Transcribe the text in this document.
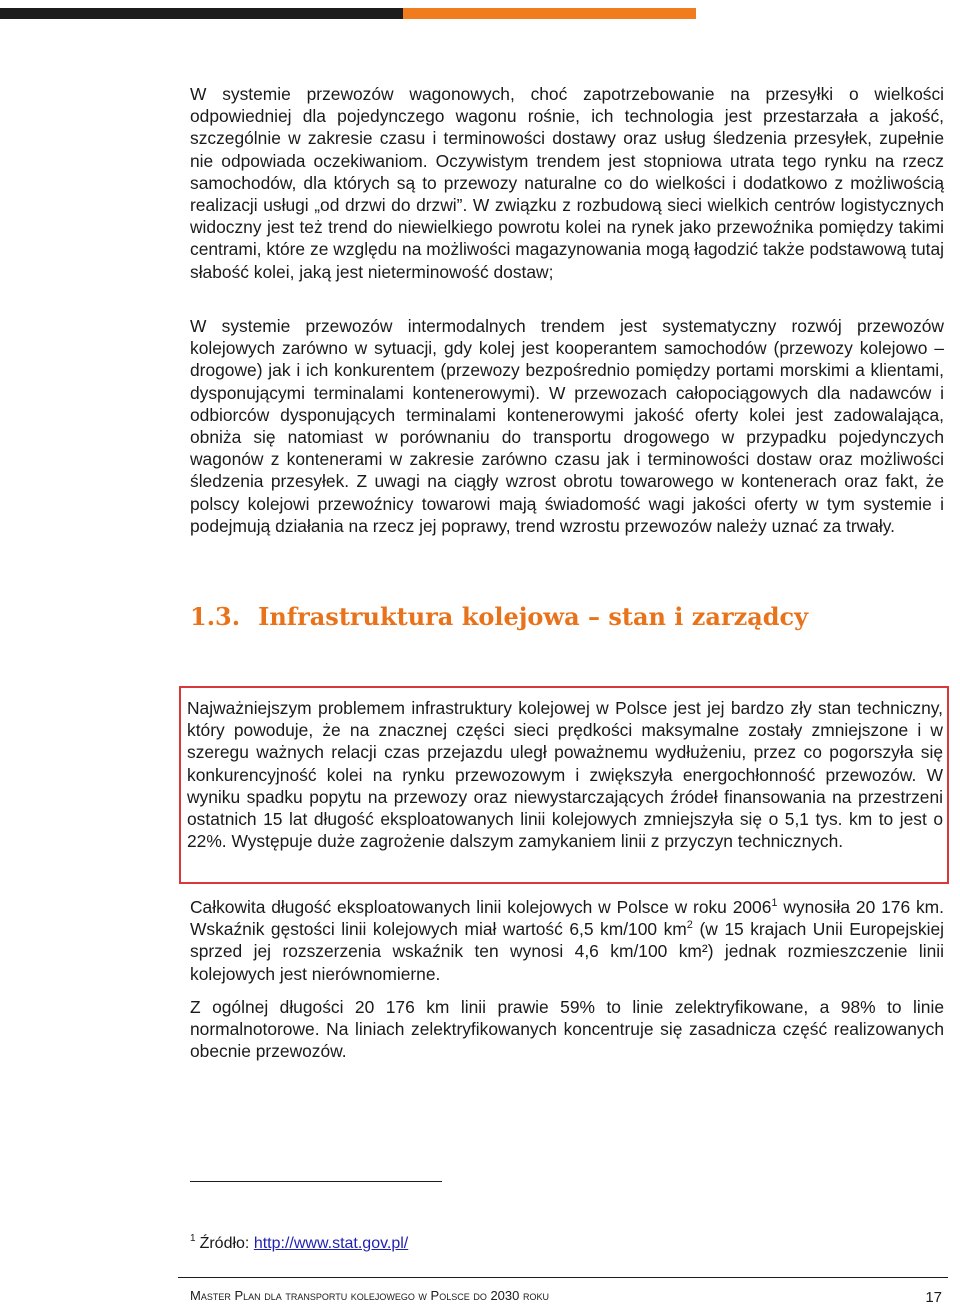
W systemie przewozów wagonowych, choć zapotrzebowanie na przesyłki o wielkości odpowiedniej dla pojedynczego wagonu rośnie, ich technologia jest przestarzała a jakość, szczególnie w zakresie czasu i terminowości dostawy oraz usług śledzenia przesyłek, zupełnie nie odpowiada oczekiwaniom. Oczywistym trendem jest stopniowa utrata tego rynku na rzecz samochodów, dla których są to przewozy naturalne co do wielkości i dodatkowo z możliwością realizacji usługi „od drzwi do drzwi”. W związku z rozbudową sieci wielkich centrów logistycznych widoczny jest też trend do niewielkiego powrotu kolei na rynek jako przewoźnika pomiędzy takimi centrami, które ze względu na możliwości magazynowania mogą łagodzić także podstawową tutaj słabość kolei, jaką jest nieterminowość dostaw;

W systemie przewozów intermodalnych trendem jest systematyczny rozwój przewozów kolejowych zarówno w sytuacji, gdy kolej jest kooperantem samochodów (przewozy kolejowo – drogowe) jak i ich konkurentem (przewozy bezpośrednio pomiędzy portami morskimi a klientami, dysponującymi terminalami kontenerowymi). W przewozach całopociągowych dla nadawców i odbiorców dysponujących terminalami kontenerowymi jakość oferty kolei jest zadowalająca, obniża się natomiast w porównaniu do transportu drogowego w przypadku pojedynczych wagonów z kontenerami w zakresie zarówno czasu jak i terminowości dostaw oraz możliwości śledzenia przesyłek. Z uwagi na ciągły wzrost obrotu towarowego w kontenerach oraz fakt, że polscy kolejowi przewoźnicy towarowi mają świadomość wagi jakości oferty w tym systemie i podejmują działania na rzecz jej poprawy, trend wzrostu przewozów należy uznać za trwały.

1.3. Infrastruktura kolejowa – stan i zarządcy

Najważniejszym problemem infrastruktury kolejowej w Polsce jest jej bardzo zły stan techniczny, który powoduje, że na znacznej części sieci prędkości maksymalne zostały zmniejszone i w szeregu ważnych relacji czas przejazdu uległ poważnemu wydłużeniu, przez co pogorszyła się konkurencyjność kolei na rynku przewozowym i zwiększyła energochłonność przewozów. W wyniku spadku popytu na przewozy oraz niewystarczających źródeł finansowania na przestrzeni ostatnich 15 lat długość eksploatowanych linii kolejowych zmniejszyła się o 5,1 tys. km to jest o 22%. Występuje duże zagrożenie dalszym zamykaniem linii z przyczyn technicznych.

Całkowita długość eksploatowanych linii kolejowych w Polsce w roku 2006$^1$ wynosiła 20 176 km. Wskaźnik gęstości linii kolejowych miał wartość 6,5 km/100 $km^2$ (w 15 krajach Unii Europejskiej sprzed jej rozszerzenia wskaźnik ten wynosi 4,6 km/100 km²) jednak rozmieszczenie linii kolejowych jest nierównomierne.

Z ogólnej długości 20 176 km linii prawie 59% to linie zelektryfikowane, a 98% to linie normalnotorowe. Na liniach zelektryfikowanych koncentruje się zasadnicza część realizowanych obecnie przewozów.

$^1$ Źródło: http://www.stat.gov.pl/

Master Plan dla transportu kolejowego w Polsce do 2030 roku	17
